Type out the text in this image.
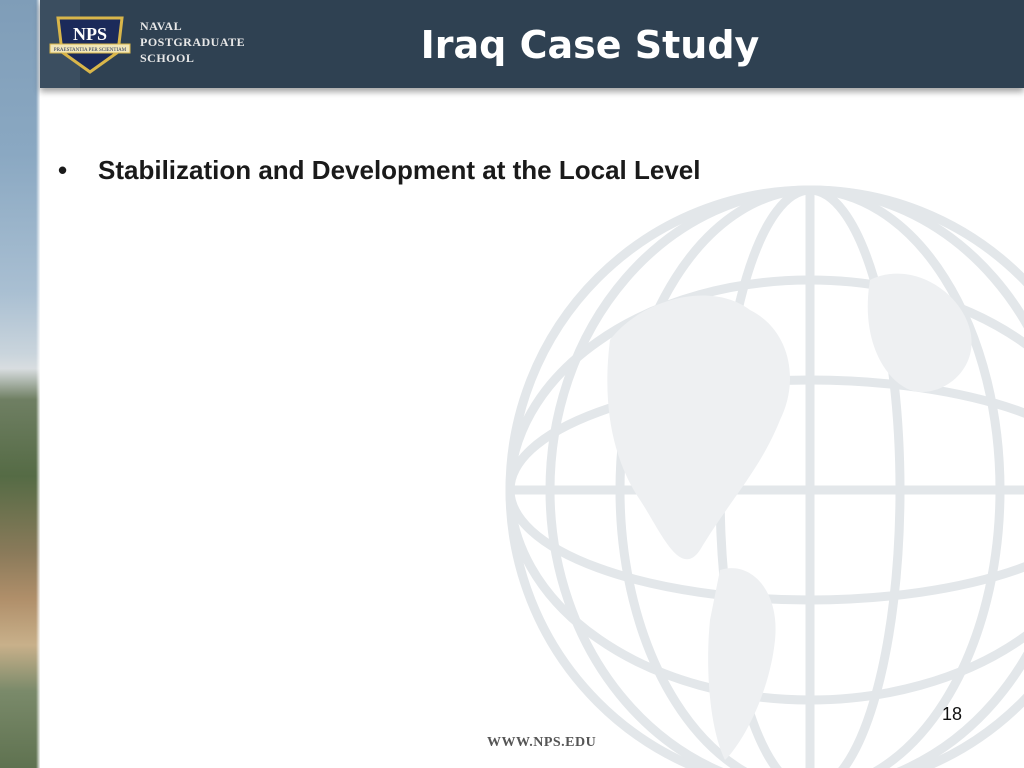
NPS
PRAESTANTIA PER SCIENTIAM
NAVAL
POSTGRADUATE
SCHOOL	Iraq Case Study
•	Stabilization and Development at the Local Level
18
WWW.NPS.EDU
